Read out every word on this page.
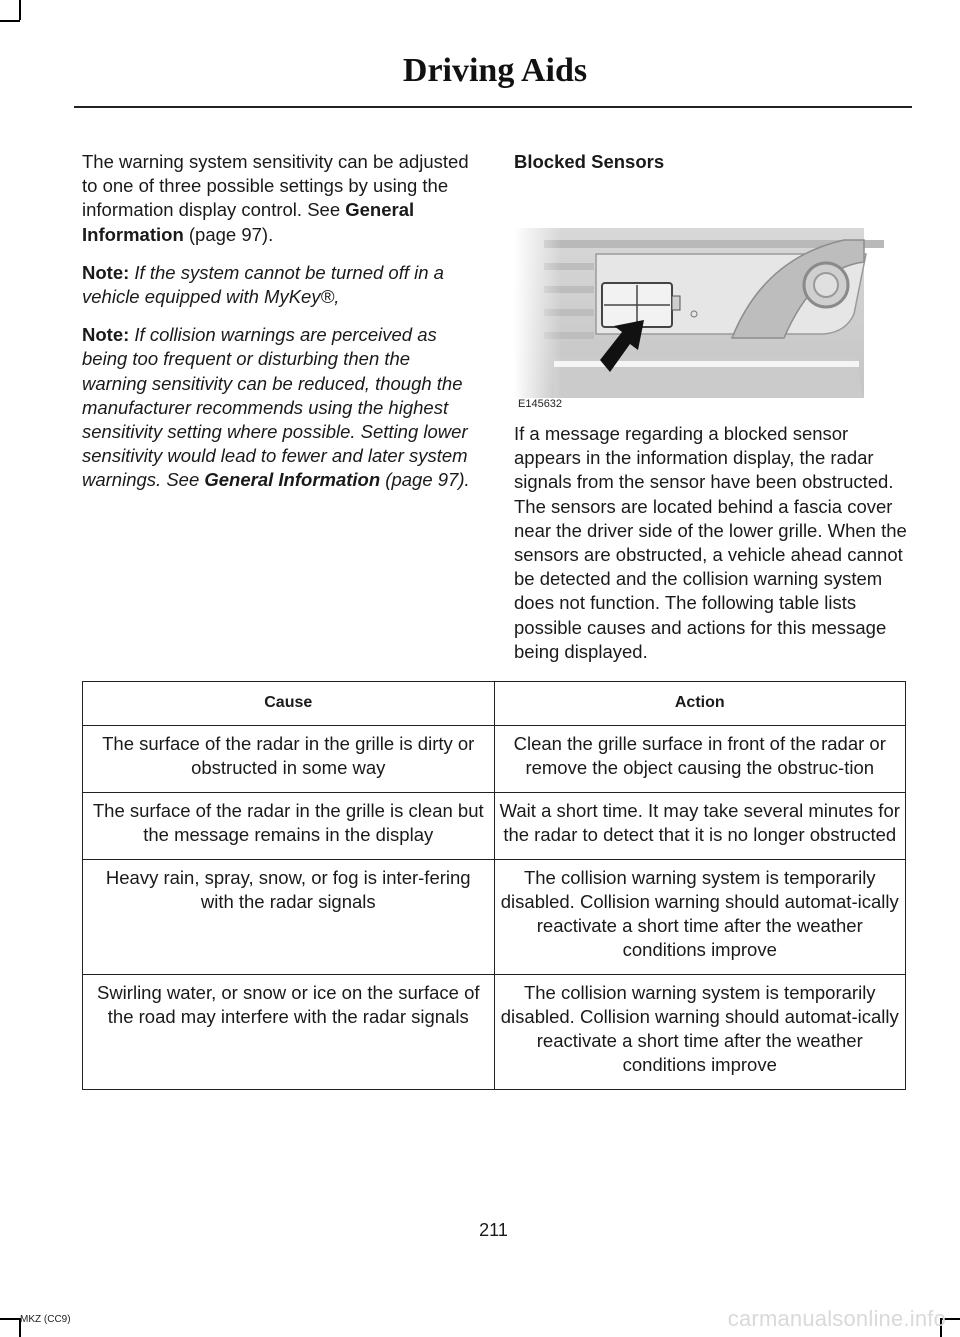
Driving Aids

The warning system sensitivity can be adjusted to one of three possible settings by using the information display control. See General Information (page 97).

Note: If the system cannot be turned off in a vehicle equipped with MyKey®,

Note: If collision warnings are perceived as being too frequent or disturbing then the warning sensitivity can be reduced, though the manufacturer recommends using the highest sensitivity setting where possible. Setting lower sensitivity would lead to fewer and later system warnings. See General Information (page 97).

Blocked Sensors
E145632

If a message regarding a blocked sensor appears in the information display, the radar signals from the sensor have been obstructed. The sensors are located behind a fascia cover near the driver side of the lower grille. When the sensors are obstructed, a vehicle ahead cannot be detected and the collision warning system does not function. The following table lists possible causes and actions for this message being displayed.

Cause	Action
The surface of the radar in the grille is dirty or obstructed in some way	Clean the grille surface in front of the radar or remove the object causing the obstruc-tion
The surface of the radar in the grille is clean but the message remains in the display	Wait a short time. It may take several minutes for the radar to detect that it is no longer obstructed
Heavy rain, spray, snow, or fog is inter-fering with the radar signals	The collision warning system is temporarily disabled. Collision warning should automat-ically reactivate a short time after the weather conditions improve
Swirling water, or snow or ice on the surface of the road may interfere with the radar signals	The collision warning system is temporarily disabled. Collision warning should automat-ically reactivate a short time after the weather conditions improve
211
MKZ (CC9)	carmanualsonline.info
